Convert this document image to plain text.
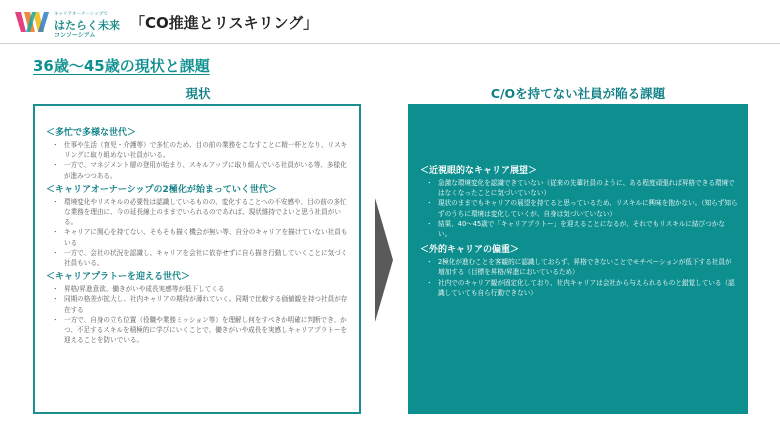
キャリアオーナーシップで
はたらく未来
コンソーシアム
「CO推進とリスキリング」
36歳～45歳の現状と課題
現状	C/Oを持てない社員が陥る課題
＜多忙で多様な世代＞
・ 仕事や生活（育児・介護等）で多忙のため、目の前の業務をこなすことに精一杯となり、リスキリングに取り組めない社員がいる。
・ 一方で、マネジメント層の登用が始まり、スキルアップに取り組んでいる社員がいる等、多様化が進みつつある。
＜キャリアオーナーシップの2極化が始まっていく世代＞
・ 環境変化やリスキルの必要性は認識しているものの、変化することへの不安感や、目の前の多忙な業務を理由に、今の延長線上のままでいられるのであれば、現状維持でよいと思う社員がいる。
・ キャリアに関心を持てない、そもそも描く機会が無い等、自分のキャリアを描けていない社員もいる
・ 一方で、会社の状況を認識し、キャリアを会社に依存せずに自ら描き行動していくことに気づく社員もいる。
＜キャリアプラトーを迎える世代＞
・ 昇格/昇進意欲、働きがいや成長実感等が低下してくる
・ 同期の格差が拡大し、社内キャリアの期待が薄れていく。同期で比較する価値観を持つ社員が存在する
・ 一方で、自身の立ち位置（役職や業務ミッション等）を理解し何をすべきか明確に判断でき、かつ、不足するスキルを積極的に学びにいくことで、働きがいや成長を実感しキャリアプラトーを迎えることを防いでいる。
＜近視眼的なキャリア展望＞
・ 急激な環境変化を認識できていない（従来の先輩社員のように、ある程度頑張れば昇格できる環境ではなくなったことに気づいていない）
・ 現状のままでもキャリアの展望を持てると思っているため、リスキルに興味を抱かない。（知らず知らずのうちに環境は変化していくが、自身は気づいていない）
・ 結果、40～45歳で「キャリアプラトー」を迎えることになるが、それでもリスキルに結びつかない。
＜外的キャリアの偏重＞
・ 2極化が進むことを客観的に認識しておらず、昇格できないことでモチベーションが低下する社員が増加する（目標を昇格/昇進においているため）
・ 社内でのキャリア観が固定化しており、社内キャリアは会社から与えられるものと錯覚している（認識していても自ら行動できない）
